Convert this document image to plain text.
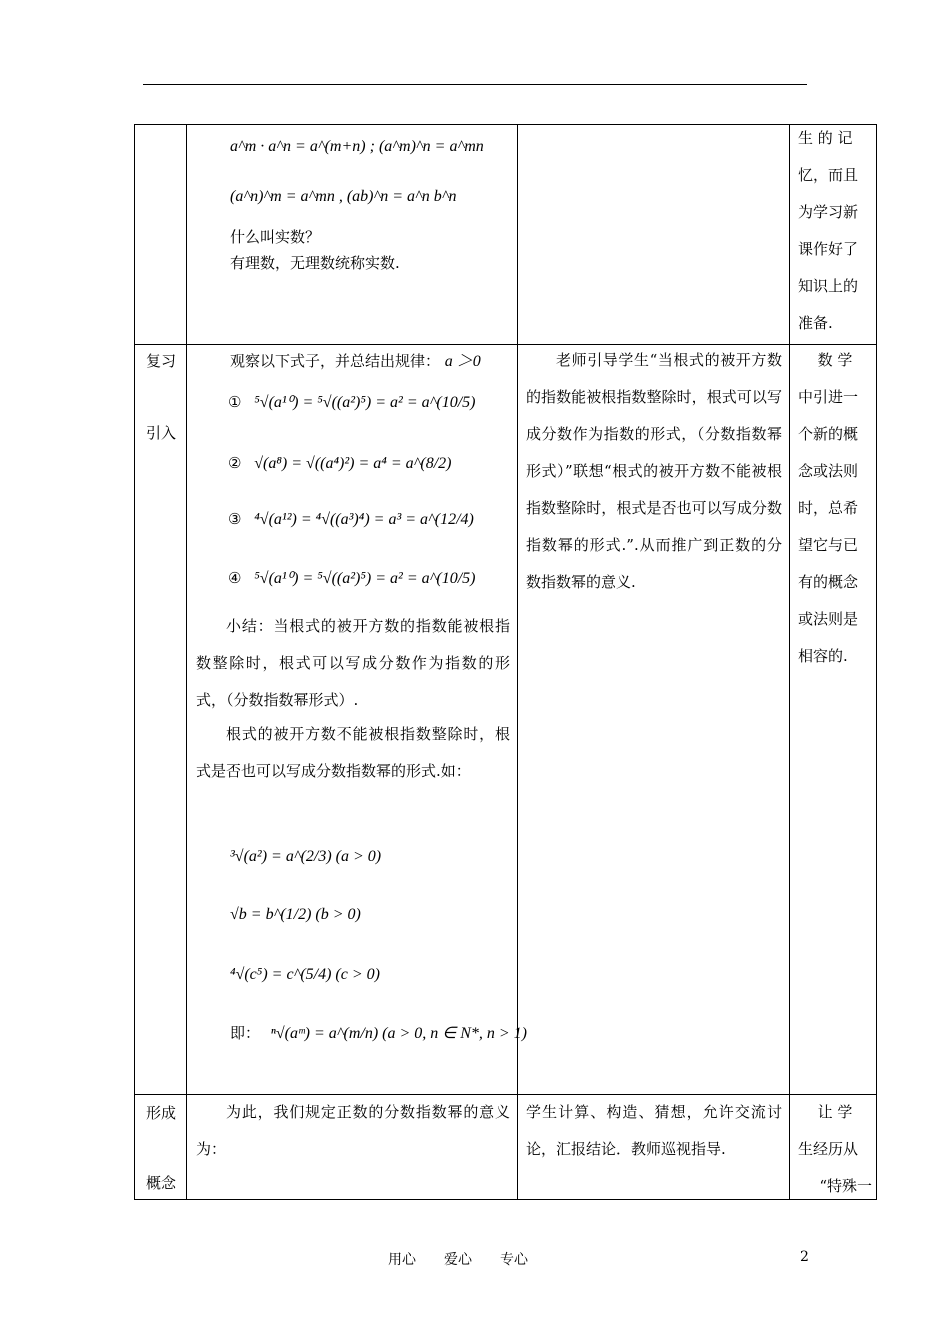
a^m · a^n = a^(m+n) ; (a^m)^n = a^mn
(a^n)^m = a^mn , (ab)^n = a^n b^n
什么叫实数？
有理数，无理数统称实数.
生 的 记
忆，而且
为学习新
课作好了
知识上的
准备.
复习
引入
观察以下式子，并总结出规律： a ＞0
① ⁵√(a¹⁰) = ⁵√((a²)⁵) = a² = a^(10/5)
② √(a⁸) = √((a⁴)²) = a⁴ = a^(8/2)
③ ⁴√(a¹²) = ⁴√((a³)⁴) = a³ = a^(12/4)
④ ⁵√(a¹⁰) = ⁵√((a²)⁵) = a² = a^(10/5)
小结：当根式的被开方数的指数能被根指数整除时，根式可以写成分数作为指数的形式，（分数指数幂形式）.
根式的被开方数不能被根指数整除时，根式是否也可以写成分数指数幂的形式.如：
³√(a²) = a^(2/3) (a > 0)
√b = b^(1/2) (b > 0)
⁴√(c⁵) = c^(5/4) (c > 0)
即： ⁿ√(aᵐ) = a^(m/n) (a > 0, n ∈ N*, n > 1)
老师引导学生“当根式的被开方数的指数能被根指数整除时，根式可以写成分数作为指数的形式，（分数指数幂形式）”联想“根式的被开方数不能被根指数整除时，根式是否也可以写成分数指数幂的形式.”.从而推广到正数的分数指数幂的意义.
数 学
中引进一
个新的概
念或法则
时，总希
望它与已
有的概念
或法则是
相容的.
形成
概念
为此，我们规定正数的分数指数幂的意义为：
学生计算、构造、猜想，允许交流讨论，汇报结论．教师巡视指导.
让 学
生经历从
“特殊一
用心　　爱心　　专心	2
